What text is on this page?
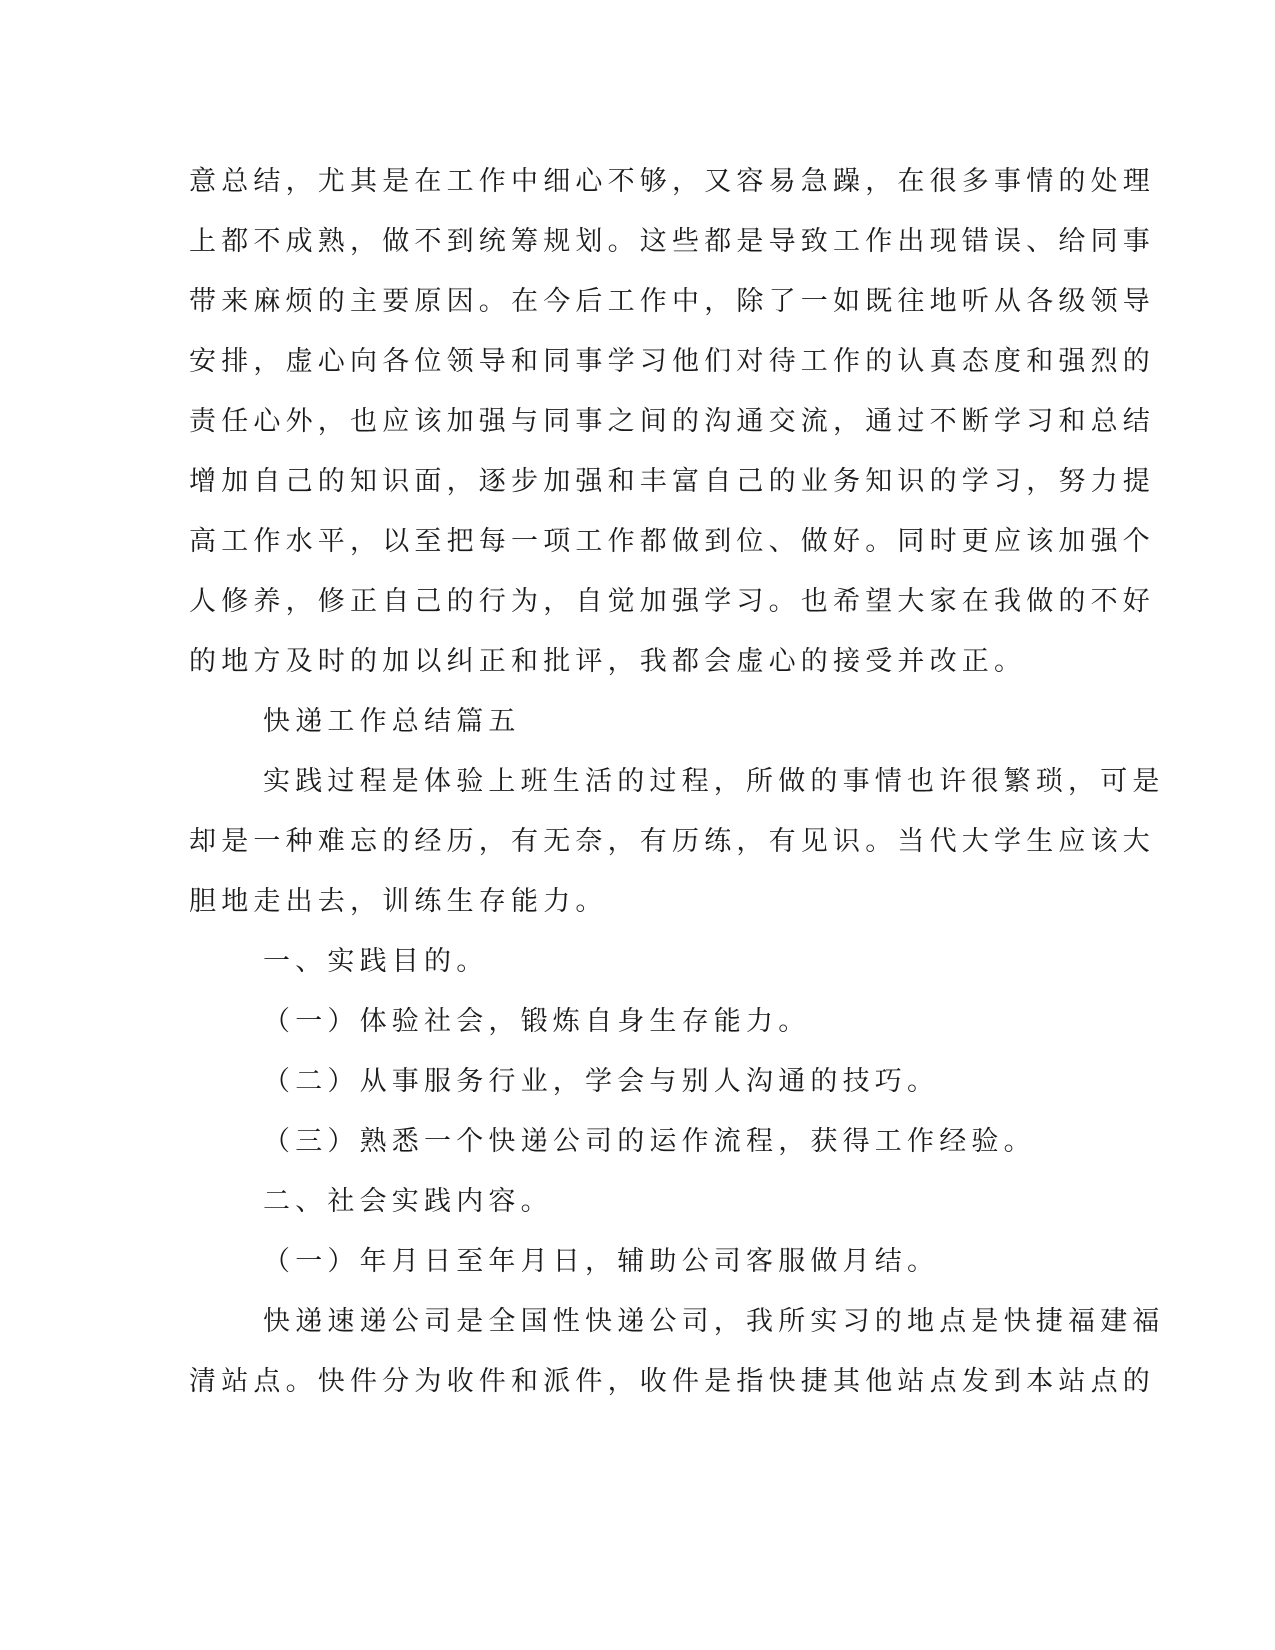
意总结，尤其是在工作中细心不够，又容易急躁，在很多事情的处理
上都不成熟，做不到统筹规划。这些都是导致工作出现错误、给同事
带来麻烦的主要原因。在今后工作中，除了一如既往地听从各级领导
安排，虚心向各位领导和同事学习他们对待工作的认真态度和强烈的
责任心外，也应该加强与同事之间的沟通交流，通过不断学习和总结
增加自己的知识面，逐步加强和丰富自己的业务知识的学习，努力提
高工作水平，以至把每一项工作都做到位、做好。同时更应该加强个
人修养，修正自己的行为，自觉加强学习。也希望大家在我做的不好
的地方及时的加以纠正和批评，我都会虚心的接受并改正。
快递工作总结篇五
实践过程是体验上班生活的过程，所做的事情也许很繁琐，可是
却是一种难忘的经历，有无奈，有历练，有见识。当代大学生应该大
胆地走出去，训练生存能力。
一、实践目的。
（一）体验社会，锻炼自身生存能力。
（二）从事服务行业，学会与别人沟通的技巧。
（三）熟悉一个快递公司的运作流程，获得工作经验。
二、社会实践内容。
（一）年月日至年月日，辅助公司客服做月结。
快递速递公司是全国性快递公司，我所实习的地点是快捷福建福
清站点。快件分为收件和派件，收件是指快捷其他站点发到本站点的
